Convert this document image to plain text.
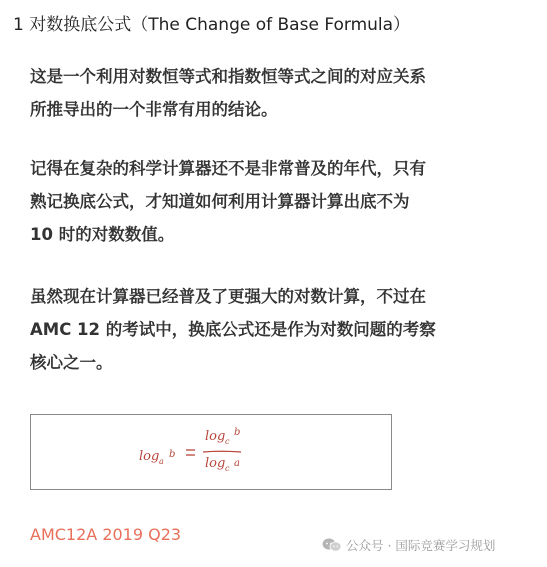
1 对数换底公式（The Change of Base Formula）
这是一个利用对数恒等式和指数恒等式之间的对应关系
所推导出的一个非常有用的结论。
记得在复杂的科学计算器还不是非常普及的年代，只有
熟记换底公式，才知道如何利用计算器计算出底不为
10 时的对数数值。
虽然现在计算器已经普及了更强大的对数计算，不过在
AMC 12 的考试中，换底公式还是作为对数问题的考察
核心之一。
log a
b
log c
b
log c a
AMC12A 2019 Q23
公众号 · 国际竞赛学习规划
